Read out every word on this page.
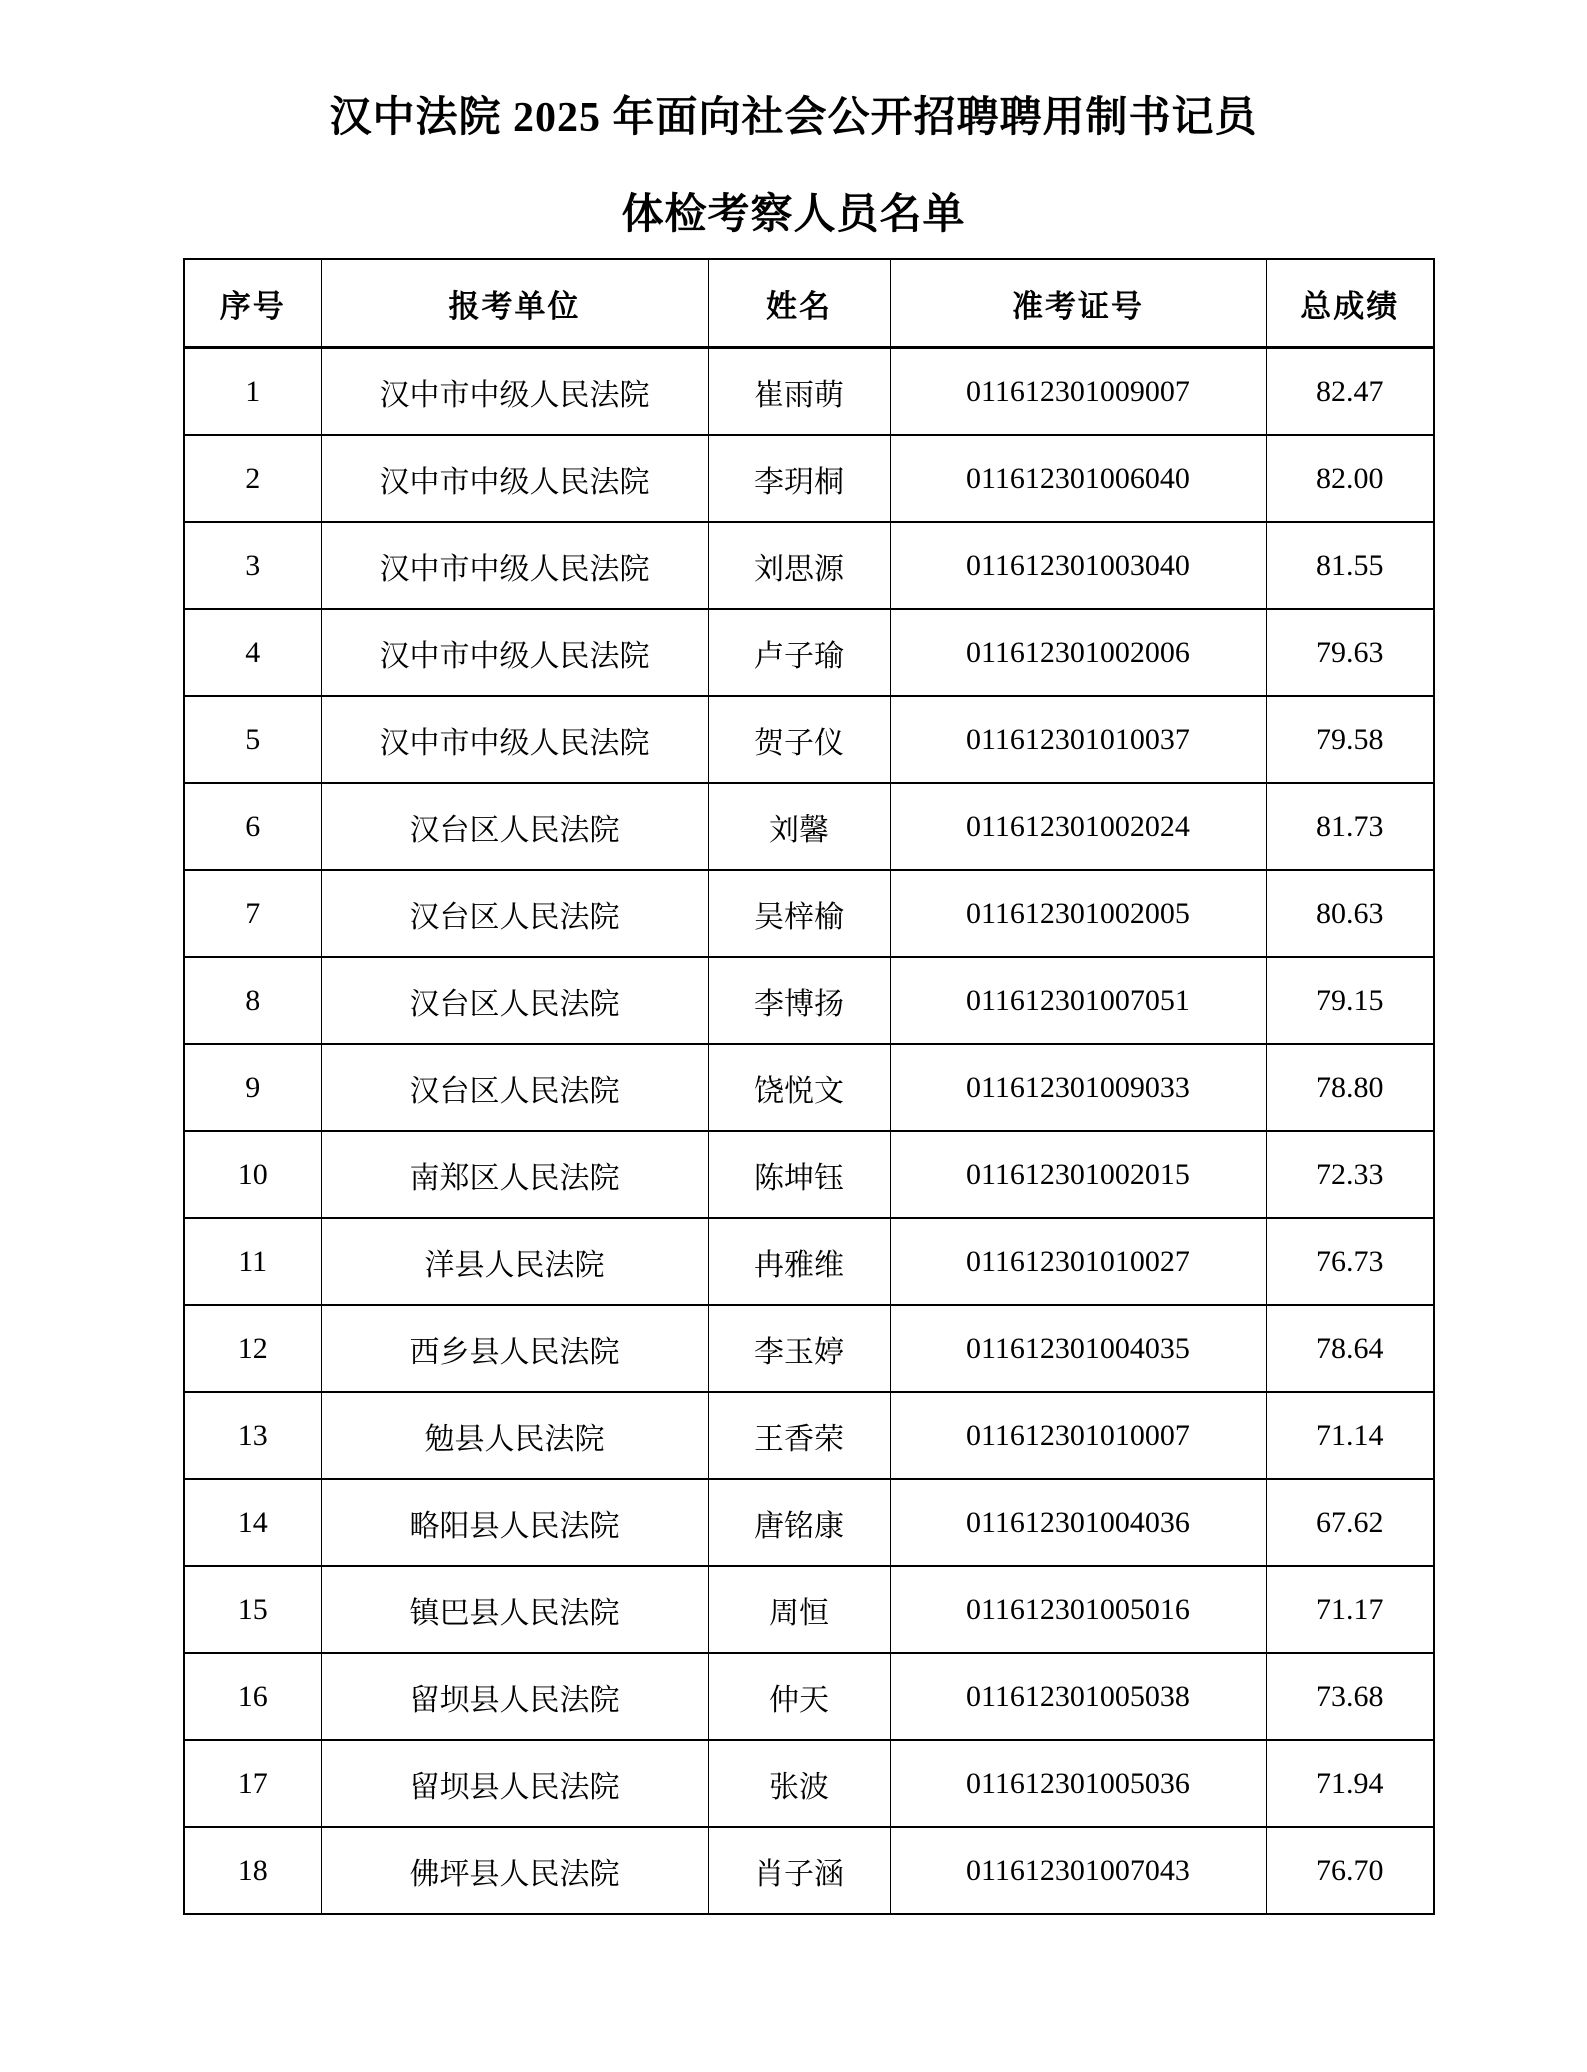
汉中法院 2025 年面向社会公开招聘聘用制书记员
体检考察人员名单
序号	报考单位	姓名	准考证号	总成绩
1	汉中市中级人民法院	崔雨萌	011612301009007	82.47
2	汉中市中级人民法院	李玥桐	011612301006040	82.00
3	汉中市中级人民法院	刘思源	011612301003040	81.55
4	汉中市中级人民法院	卢子瑜	011612301002006	79.63
5	汉中市中级人民法院	贺子仪	011612301010037	79.58
6	汉台区人民法院	刘馨	011612301002024	81.73
7	汉台区人民法院	吴梓榆	011612301002005	80.63
8	汉台区人民法院	李博扬	011612301007051	79.15
9	汉台区人民法院	饶悦文	011612301009033	78.80
10	南郑区人民法院	陈坤钰	011612301002015	72.33
11	洋县人民法院	冉雅维	011612301010027	76.73
12	西乡县人民法院	李玉婷	011612301004035	78.64
13	勉县人民法院	王香荣	011612301010007	71.14
14	略阳县人民法院	唐铭康	011612301004036	67.62
15	镇巴县人民法院	周恒	011612301005016	71.17
16	留坝县人民法院	仲天	011612301005038	73.68
17	留坝县人民法院	张波	011612301005036	71.94
18	佛坪县人民法院	肖子涵	011612301007043	76.70
